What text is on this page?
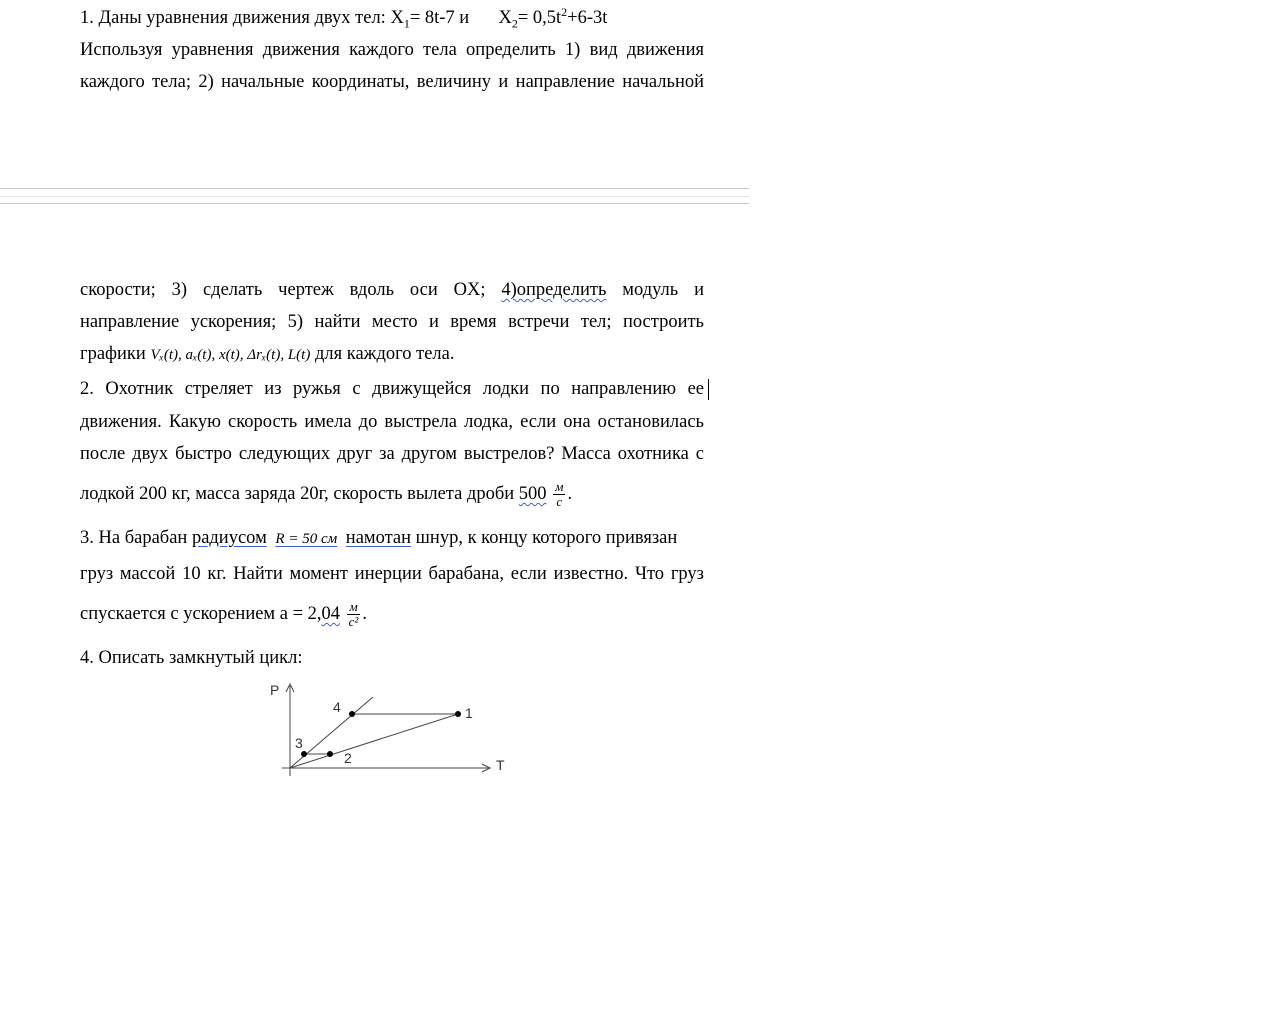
1. Даны уравнения движения двух тел: $X_1= 8t-7$ и $X_2= 0,5t^2+6-3t$
Используя уравнения движения каждого тела определить 1) вид движения
каждого тела; 2) начальные координаты, величину и направление начальной
скорости; 3) сделать чертеж вдоль оси OX; 4)определить модуль и
направление ускорения; 5) найти место и время встречи тел; построить
графики Vₓ(t), aₓ(t), x(t), Δrₓ(t), L(t) для каждого тела.
2. Охотник стреляет из ружья с движущейся лодки по направлению ее
движения. Какую скорость имела до выстрела лодка, если она остановилась
после двух быстро следующих друг за другом выстрелов? Масса охотника с
лодкой 200 кг, масса заряда 20г, скорость вылета дроби $500 \frac{м}{с}$ .
3. На барабан радиусом R = 50 см намотан шнур, к концу которого привязан
груз массой 10 кг. Найти момент инерции барабана, если известно. Что груз
спускается с ускорением $а = 2,04 \frac{м}{\text{с²}}$ .
4. Описать замкнутый цикл:
P
T
1
2
3
4
